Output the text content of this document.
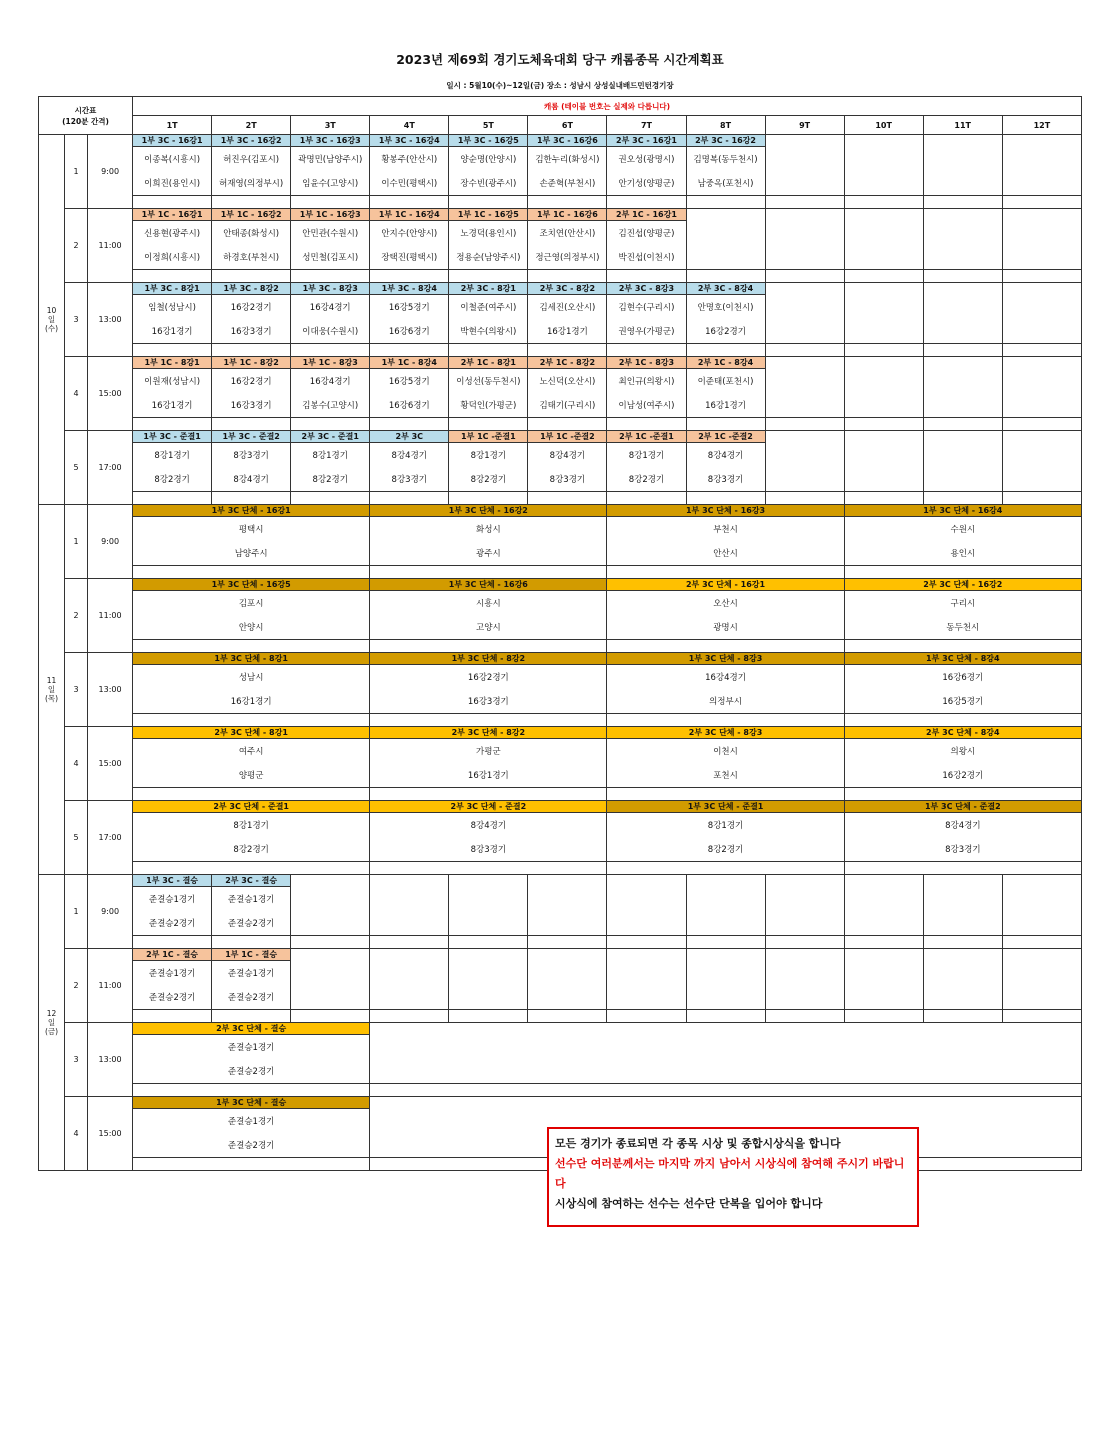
2023년 제69회 경기도체육대회 당구 캐롬종목 시간계획표
일시 : 5월10(수)~12일(금) 장소 : 성남시 상성실내배드민턴경기장
시간표
(120분 간격)			캐롬 (테이블 번호는 실제와 다릅니다)											
			1T	2T	3T	4T	5T	6T	7T	8T	9T	10T	11T	12T
10
일
(수)	1	9:00	1부 3C - 16강1	1부 3C - 16강2	1부 3C - 16강3	1부 3C - 16강4	1부 3C - 16강5	1부 3C - 16강6	2부 3C - 16강1	2부 3C - 16강2				
			이종복(시흥시)	허진우(김포시)	곽명민(남양주시)	황봉주(안산시)	양순명(안양시)	김한누리(화성시)	권오성(광명시)	김명복(동두천시)				
			이희진(용인시)	허재영(의정부시)	임윤수(고양시)	이수민(평택시)	장수빈(광주시)	손준혁(부천시)	안기성(양평군)	남중옥(포천시)				

	2	11:00	1부 1C - 16강1	1부 1C - 16강2	1부 1C - 16강3	1부 1C - 16강4	1부 1C - 16강5	1부 1C - 16강6	2부 1C - 16강1					
			신용현(광주시)	안태종(화성시)	안민관(수원시)	안지수(안양시)	노경덕(용인시)	조치연(안산시)	김진섭(양평군)					
			이정희(시흥시)	하경호(부천시)	성민철(김포시)	장택진(평택시)	정용순(남양주시)	정근영(의정부시)	박진섭(이천시)					

	3	13:00	1부 3C - 8강1	1부 3C - 8강2	1부 3C - 8강3	1부 3C - 8강4	2부 3C - 8강1	2부 3C - 8강2	2부 3C - 8강3	2부 3C - 8강4				
			임철(성남시)	16강2경기	16강4경기	16강5경기	이철준(여주시)	김세진(오산시)	김현수(구리시)	안명호(이천시)				
			16강1경기	16강3경기	이대웅(수원시)	16강6경기	박현수(의왕시)	16강1경기	권영우(가평군)	16강2경기				

	4	15:00	1부 1C - 8강1	1부 1C - 8강2	1부 1C - 8강3	1부 1C - 8강4	2부 1C - 8강1	2부 1C - 8강2	2부 1C - 8강3	2부 1C - 8강4				
			이원재(성남시)	16강2경기	16강4경기	16강5경기	이성선(동두천시)	노신덕(오산시)	최인규(의왕시)	이준태(포천시)				
			16강1경기	16강3경기	김봉수(고양시)	16강6경기	황덕인(가평군)	김태기(구리시)	이남성(여주시)	16강1경기				

	5	17:00	1부 3C - 준결1	1부 3C - 준결2	2부 3C - 준결1	2부 3C	1부 1C -준결1	1부 1C -준결2	2부 1C -준결1	2부 1C -준결2				
			8강1경기	8강3경기	8강1경기	8강4경기	8강1경기	8강4경기	8강1경기	8강4경기				
			8강2경기	8강4경기	8강2경기	8강3경기	8강2경기	8강3경기	8강2경기	8강3경기				

11
일
(목)	1	9:00	1부 3C 단체 - 16강1			1부 3C 단체 - 16강2			1부 3C 단체 - 16강3			1부 3C 단체 - 16강4		
			평택시			화성시			부천시			수원시		
			남양주시			광주시			안산시			용인시		

	2	11:00	1부 3C 단체 - 16강5			1부 3C 단체 - 16강6			2부 3C 단체 - 16강1			2부 3C 단체 - 16강2		
			김포시			시흥시			오산시			구리시		
			안양시			고양시			광명시			동두천시		

	3	13:00	1부 3C 단체 - 8강1			1부 3C 단체 - 8강2			1부 3C 단체 - 8강3			1부 3C 단체 - 8강4		
			성남시			16강2경기			16강4경기			16강6경기		
			16강1경기			16강3경기			의정부시			16강5경기		

	4	15:00	2부 3C 단체 - 8강1			2부 3C 단체 - 8강2			2부 3C 단체 - 8강3			2부 3C 단체 - 8강4		
			여주시			가평군			이천시			의왕시		
			양평군			16강1경기			포천시			16강2경기		

	5	17:00	2부 3C 단체 - 준결1			2부 3C 단체 - 준결2			1부 3C 단체 - 준결1			1부 3C 단체 - 준결2		
			8강1경기			8강4경기			8강1경기			8강4경기		
			8강2경기			8강3경기			8강2경기			8강3경기		

12
일
(금)	1	9:00	1부 3C - 결승	2부 3C - 결승										
			준결승1경기	준결승1경기										
			준결승2경기	준결승2경기										

	2	11:00	2부 1C - 결승	1부 1C - 결승										
			준결승1경기	준결승1경기										
			준결승2경기	준결승2경기										

	3	13:00	2부 3C 단체 - 결승											
			준결승1경기											
			준결승2경기											

	4	15:00	1부 3C 단체 - 결승											
			준결승1경기											
			준결승2경기											
		모든 경기가 종료되면 각 종목 시상 및 종합시상식을 합니다
선수단 여러분께서는 마지막 까지 남아서 시상식에 참여해 주시기 바랍니다
시상식에 참여하는 선수는 선수단 단복을 입어야 합니다
